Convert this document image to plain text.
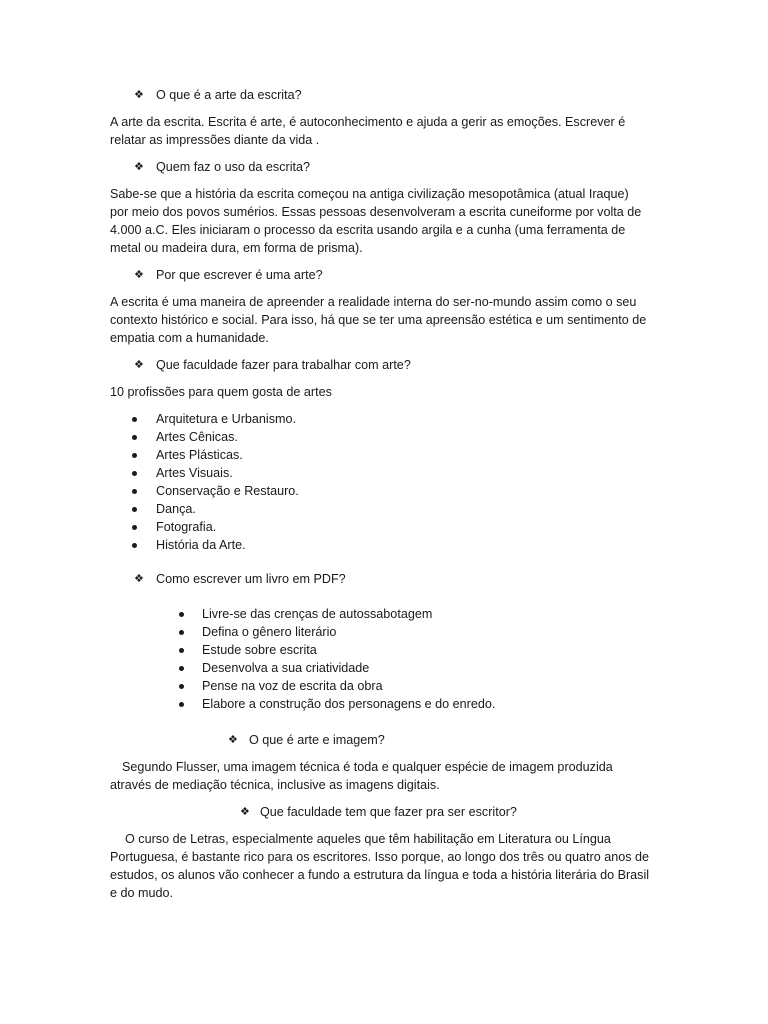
❖ O que é a arte da escrita?

A arte da escrita. Escrita é arte, é autoconhecimento e ajuda a gerir as emoções. Escrever é relatar as impressões diante da vida .

❖ Quem faz o uso da escrita?

Sabe-se que a história da escrita começou na antiga civilização mesopotâmica (atual Iraque) por meio dos povos sumérios. Essas pessoas desenvolveram a escrita cuneiforme por volta de 4.000 a.C. Eles iniciaram o processo da escrita usando argila e a cunha (uma ferramenta de metal ou madeira dura, em forma de prisma).

❖ Por que escrever é uma arte?

A escrita é uma maneira de apreender a realidade interna do ser-no-mundo assim como o seu contexto histórico e social. Para isso, há que se ter uma apreensão estética e um sentimento de empatia com a humanidade.

❖ Que faculdade fazer para trabalhar com arte?

10 profissões para quem gosta de artes

Arquitetura e Urbanismo.
Artes Cênicas.
Artes Plásticas.
Artes Visuais.
Conservação e Restauro.
Dança.
Fotografia.
História da Arte.
❖ Como escrever um livro em PDF?
Livre-se das crenças de autossabotagem
Defina o gênero literário
Estude sobre escrita
Desenvolva a sua criatividade
Pense na voz de escrita da obra
Elabore a construção dos personagens e do enredo.
❖ O que é arte e imagem?

Segundo Flusser, uma imagem técnica é toda e qualquer espécie de imagem produzida através de mediação técnica, inclusive as imagens digitais.

❖ Que faculdade tem que fazer pra ser escritor?

O curso de Letras, especialmente aqueles que têm habilitação em Literatura ou Língua Portuguesa, é bastante rico para os escritores. Isso porque, ao longo dos três ou quatro anos de estudos, os alunos vão conhecer a fundo a estrutura da língua e toda a história literária do Brasil e do mudo.
